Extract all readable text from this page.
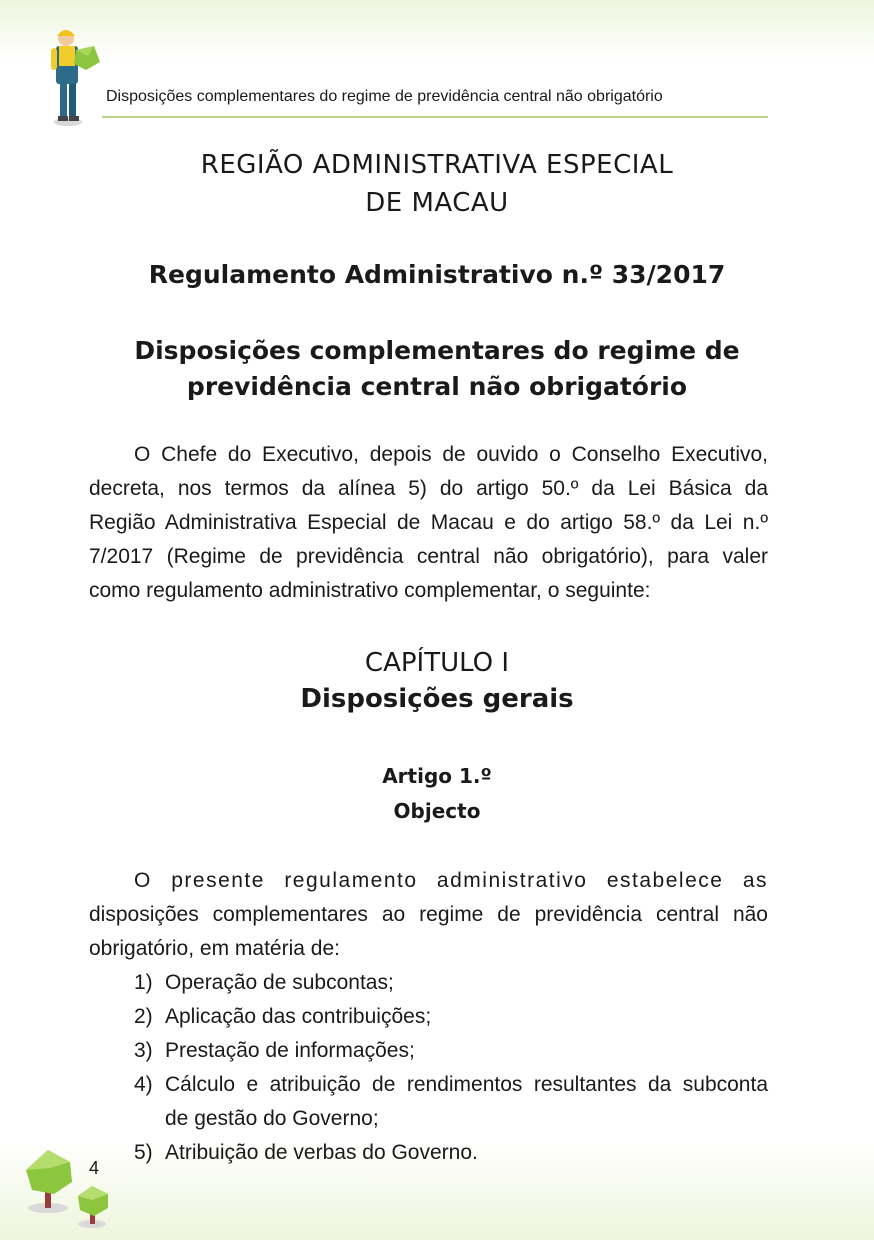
Disposições complementares do regime de previdência central não obrigatório
REGIÃO ADMINISTRATIVA ESPECIAL
DE MACAU
Regulamento Administrativo n.º 33/2017
Disposições complementares do regime de
previdência central não obrigatório
O Chefe do Executivo, depois de ouvido o Conselho Executivo,
decreta, nos termos da alínea 5) do artigo 50.º da Lei Básica da
Região Administrativa Especial de Macau e do artigo 58.º da Lei n.º
7/2017 (Regime de previdência central não obrigatório), para valer
como regulamento administrativo complementar, o seguinte:
CAPÍTULO I
Disposições gerais
Artigo 1.º
Objecto
O presente regulamento administrativo estabelece as
disposições complementares ao regime de previdência central não
obrigatório, em matéria de:
1) Operação de subcontas;
2) Aplicação das contribuições;
3) Prestação de informações;
4) Cálculo e atribuição de rendimentos resultantes da subconta
de gestão do Governo;
5) Atribuição de verbas do Governo.
4
